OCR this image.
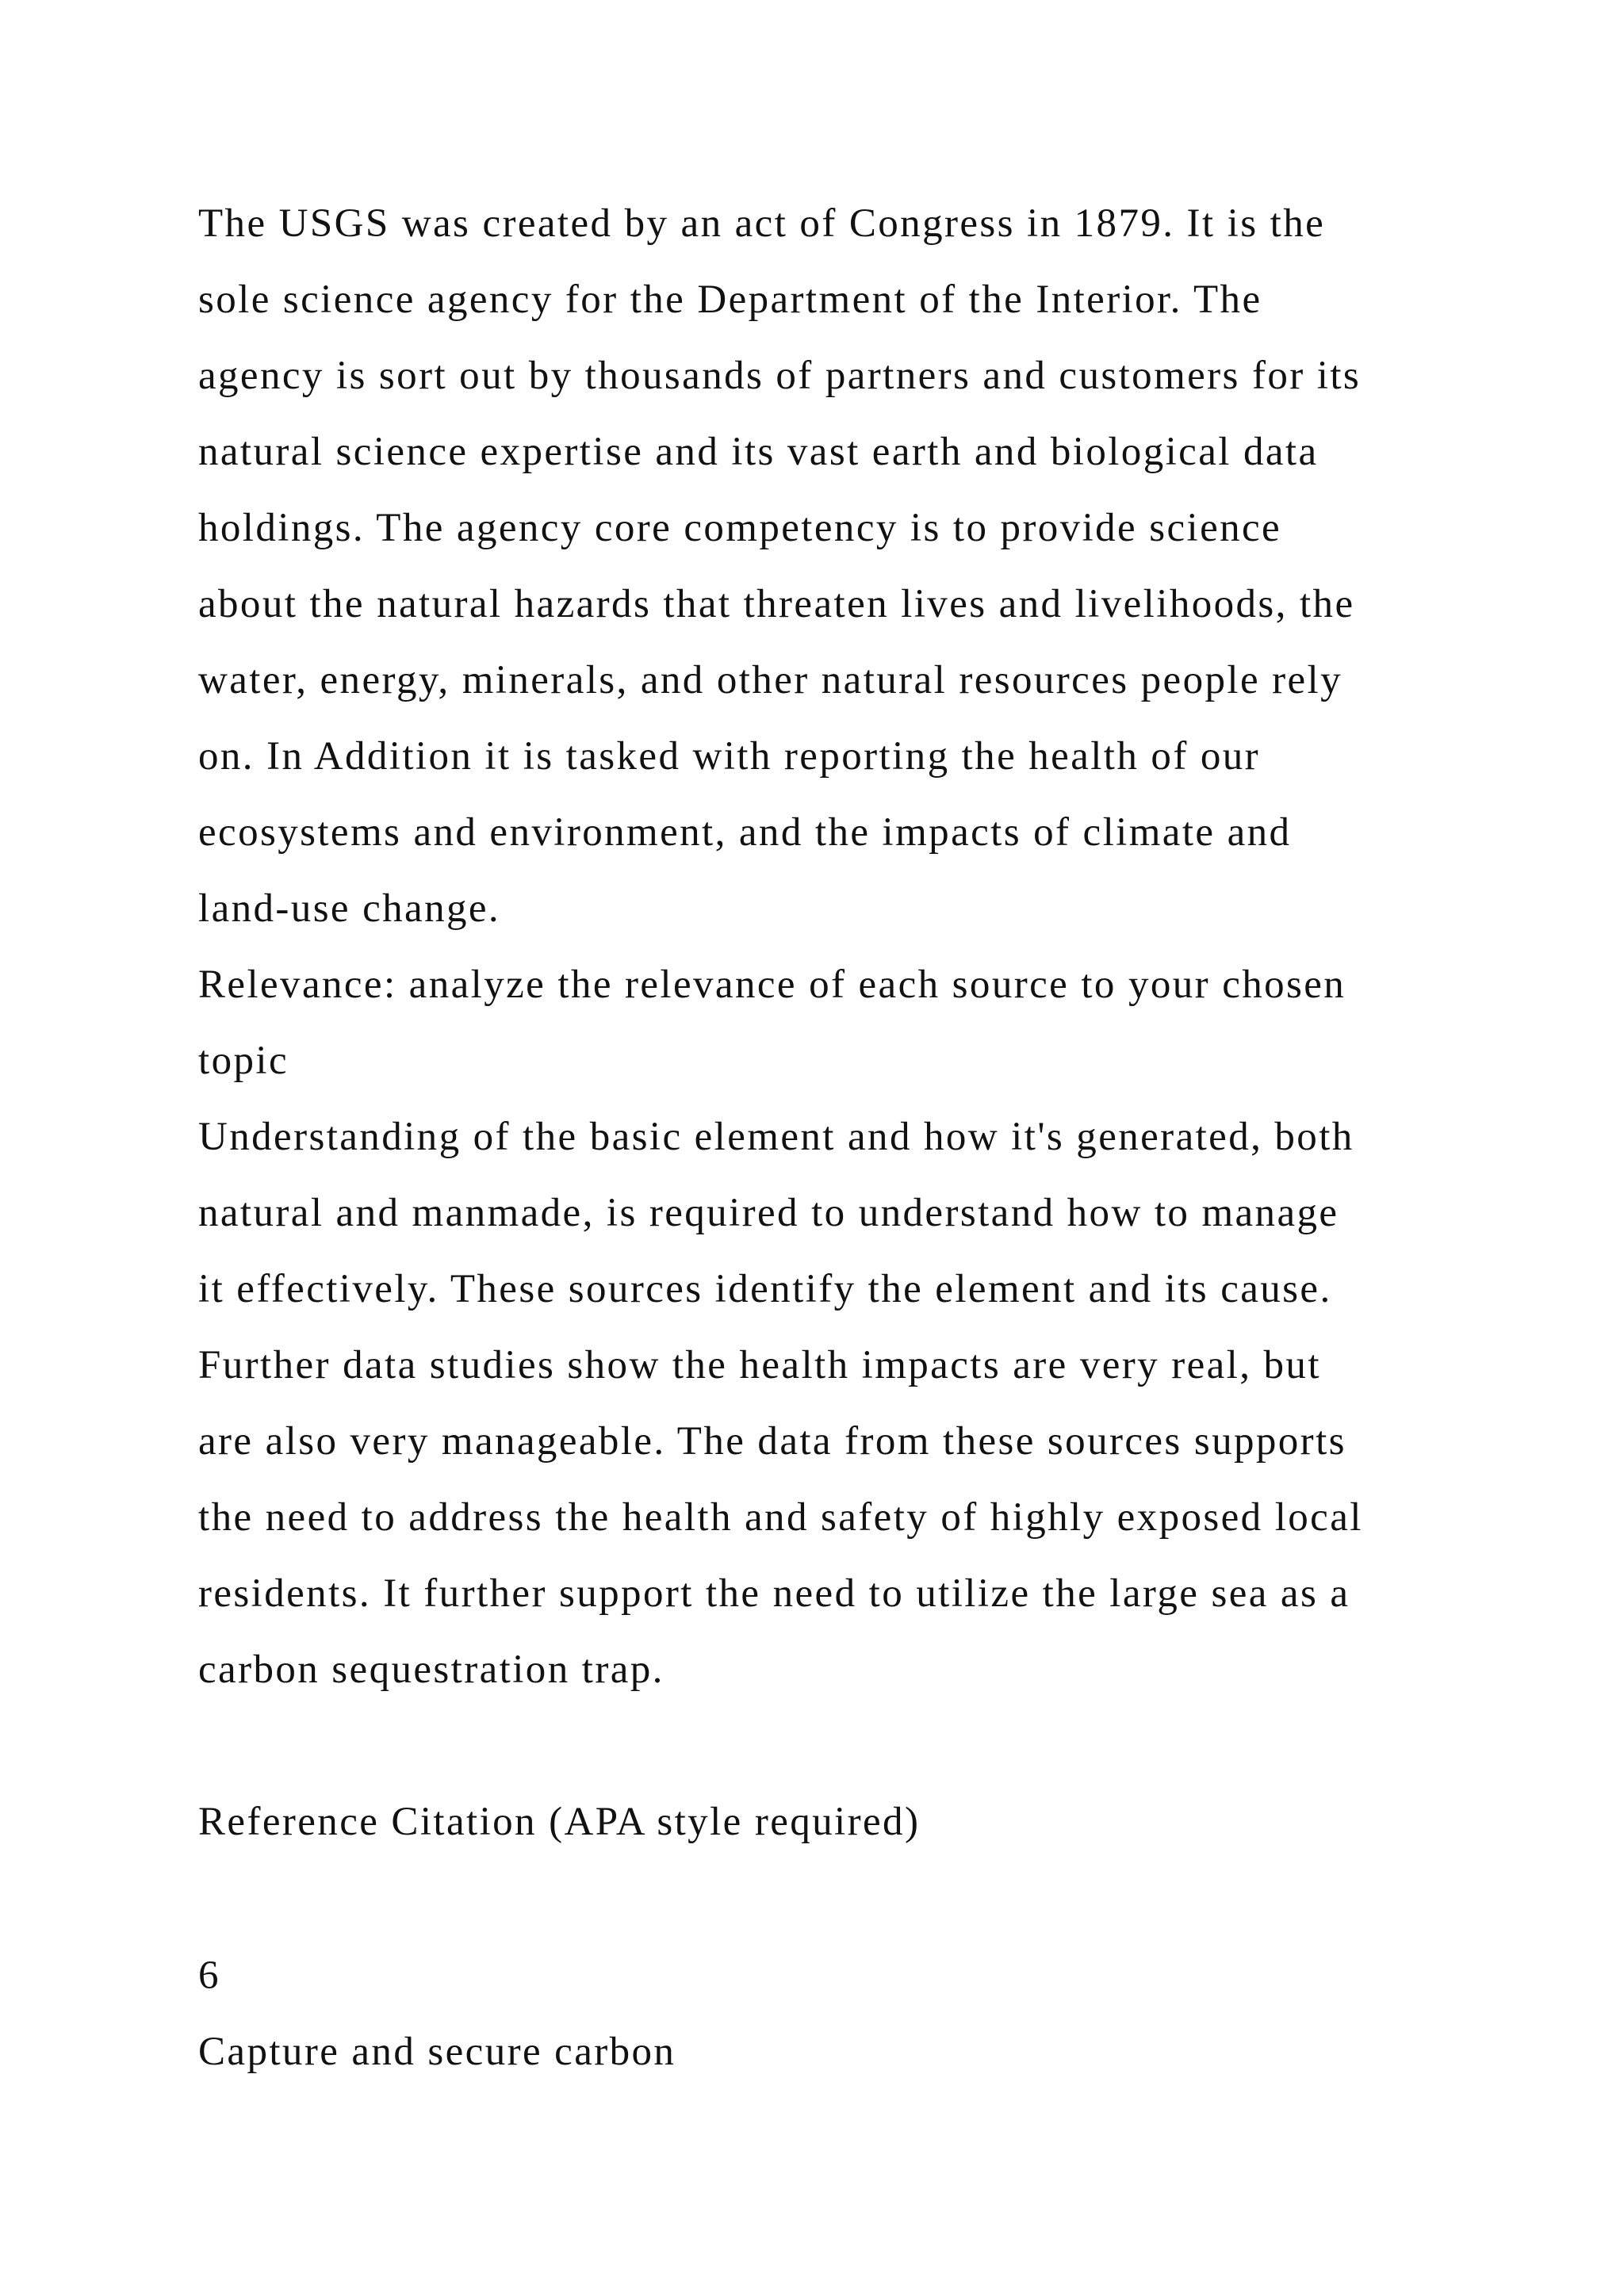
The USGS was created by an act of Congress in 1879. It is the

sole science agency for the Department of the Interior. The

agency is sort out by thousands of partners and customers for its

natural science expertise and its vast earth and biological data

holdings. The agency core competency is to provide science

about the natural hazards that threaten lives and livelihoods, the

water, energy, minerals, and other natural resources people rely

on. In Addition it is tasked with reporting the health of our

ecosystems and environment, and the impacts of climate and

land-use change.

Relevance: analyze the relevance of each source to your chosen

topic

Understanding of the basic element and how it's generated, both

natural and manmade, is required to understand how to manage

it effectively. These sources identify the element and its cause.

Further data studies show the health impacts are very real, but

are also very manageable. The data from these sources supports

the need to address the health and safety of highly exposed local

residents. It further support the need to utilize the large sea as a

carbon sequestration trap.

Reference Citation (APA style required)

6

Capture and secure carbon
